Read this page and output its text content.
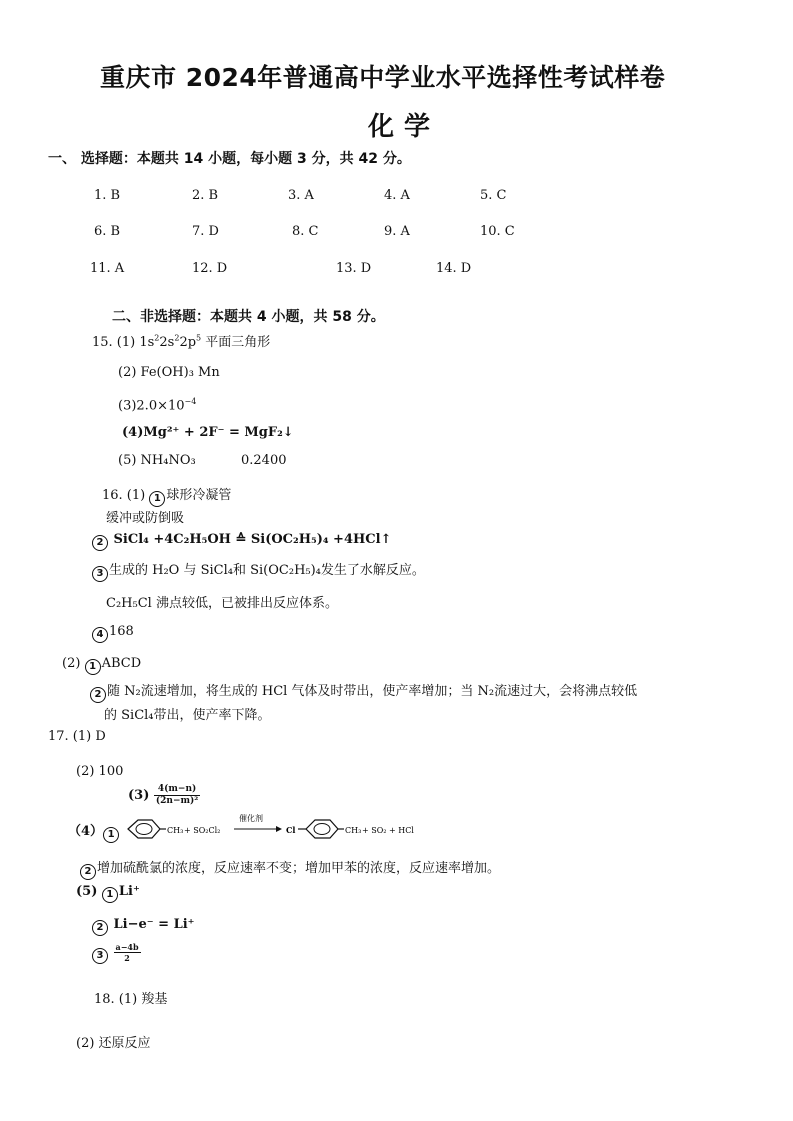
重庆市 2024年普通高中学业水平选择性考试样卷
化学
一、 选择题：本题共 14 小题，每小题 3 分，共 42 分。
1. B	2. B	3. A	4. A	5. C
6. B	7. D	8. C	9. A	10. C
11. A	12. D	13. D	14. D
二、非选择题：本题共 4 小题，共 58 分。
15. (1) $1s^22s^22p^5$ 平面三角形
(2) Fe(OH)₃ Mn
$(3)2.0\times 10^{-4}$
(4)Mg²⁺ + 2F⁻ = MgF₂↓
(5) NH₄NO₃	0.2400
16. (1) 1 球形冷凝管
缓冲或防倒吸
2 SiCl₄ +4C₂H₅OH ≙ Si(OC₂H₅)₄ +4HCl↑
3 生成的 H₂O 与 SiCl₄和 Si(OC₂H₅)₄发生了水解反应。
C₂H₅Cl 沸点较低，已被排出反应体系。
4 168
(2) 1 ABCD
2 随 N₂流速增加，将生成的 HCl 气体及时带出，使产率增加；当 N₂流速过大，会将沸点较低
的 SiCl₄带出，使产率下降。
17. (1) D
(2) 100
$(3) \frac{4(m-n)}{\text{(2n−m)²}}$
（4） 1	CH₃ + SO₂Cl₂
催化剂
Cl	CH₃ + SO₂ + HCl
2 增加硫酰氯的浓度，反应速率不变；增加甲苯的浓度，反应速率增加。
(5) 1 Li⁺
2 Li−e⁻ = Li⁺
$3 \frac{a-4b}{2}$
18. (1) 羧基
(2) 还原反应
